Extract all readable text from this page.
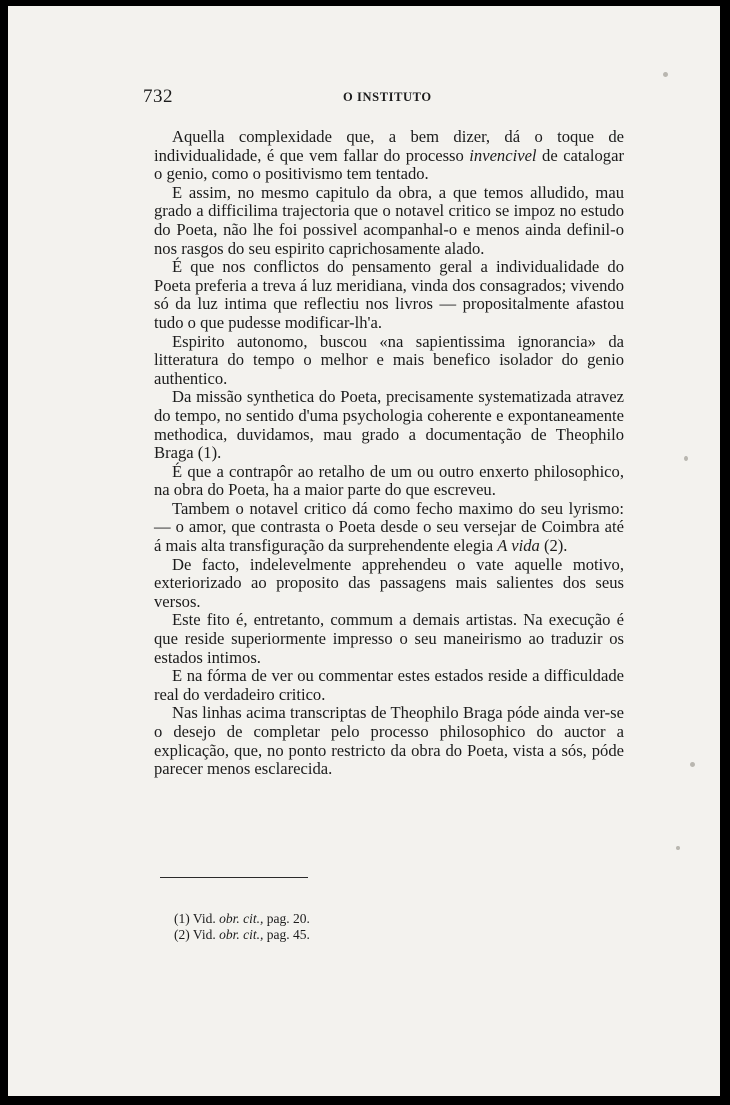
732	O INSTITUTO

Aquella complexidade que, a bem dizer, dá o toque de individualidade, é que vem fallar do processo invencivel de catalogar o genio, como o positivismo tem tentado.

E assim, no mesmo capitulo da obra, a que temos alludido, mau grado a difficilima trajectoria que o notavel critico se impoz no estudo do Poeta, não lhe foi possivel acompanhal-o e menos ainda definil-o nos rasgos do seu espirito caprichosamente alado.

É que nos conflictos do pensamento geral a individualidade do Poeta preferia a treva á luz meridiana, vinda dos consagrados; vivendo só da luz intima que reflectiu nos livros — propositalmente afastou tudo o que pudesse modificar-lh'a.

Espirito autonomo, buscou «na sapientissima ignorancia» da litteratura do tempo o melhor e mais benefico isolador do genio authentico.

Da missão synthetica do Poeta, precisamente systematizada atravez do tempo, no sentido d'uma psychologia coherente e expontaneamente methodica, duvidamos, mau grado a documentação de Theophilo Braga (1).

É que a contrapôr ao retalho de um ou outro enxerto philosophico, na obra do Poeta, ha a maior parte do que escreveu.

Tambem o notavel critico dá como fecho maximo do seu lyrismo: — o amor, que contrasta o Poeta desde o seu versejar de Coimbra até á mais alta transfiguração da surprehendente elegia A vida (2).

De facto, indelevelmente apprehendeu o vate aquelle motivo, exteriorizado ao proposito das passagens mais salientes dos seus versos.

Este fito é, entretanto, commum a demais artistas. Na execução é que reside superiormente impresso o seu maneirismo ao traduzir os estados intimos.

E na fórma de ver ou commentar estes estados reside a difficuldade real do verdadeiro critico.

Nas linhas acima transcriptas de Theophilo Braga póde ainda ver-se o desejo de completar pelo processo philosophico do auctor a explicação, que, no ponto restricto da obra do Poeta, vista a sós, póde parecer menos esclarecida.

(1) Vid. obr. cit., pag. 20.

(2) Vid. obr. cit., pag. 45.
